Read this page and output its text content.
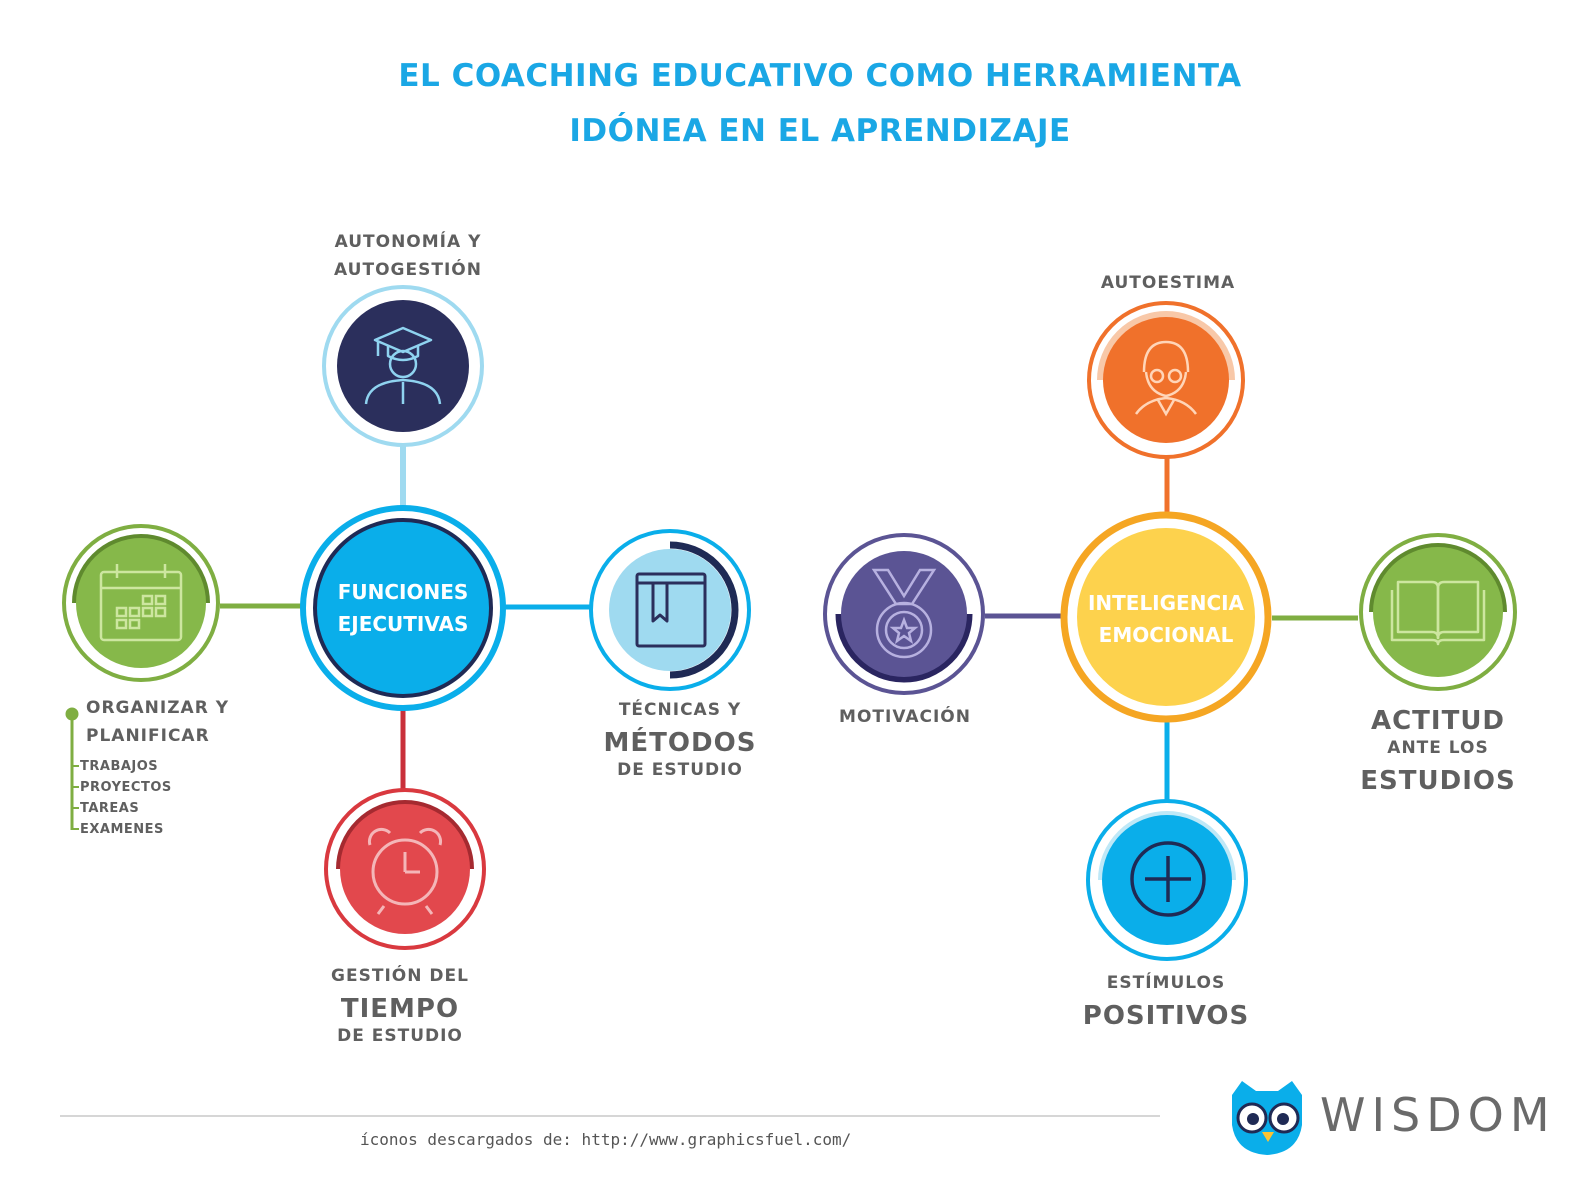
EL COACHING EDUCATIVO COMO HERRAMIENTA
IDÓNEA EN EL APRENDIZAJE
FUNCIONES
EJECUTIVAS
INTELIGENCIA
EMOCIONAL
AUTONOMÍA Y
AUTOGESTIÓN
ORGANIZAR Y
PLANIFICAR
TRABAJOS
PROYECTOS
TAREAS
EXAMENES
TÉCNICAS Y
MÉTODOS
DE ESTUDIO
GESTIÓN DEL
TIEMPO
DE ESTUDIO
AUTOESTIMA
MOTIVACIÓN	ACTITUD
ANTE LOS
ESTUDIOS
ESTÍMULOS
POSITIVOS
íconos descargados de: http://www.graphicsfuel.com/	WISDOM
